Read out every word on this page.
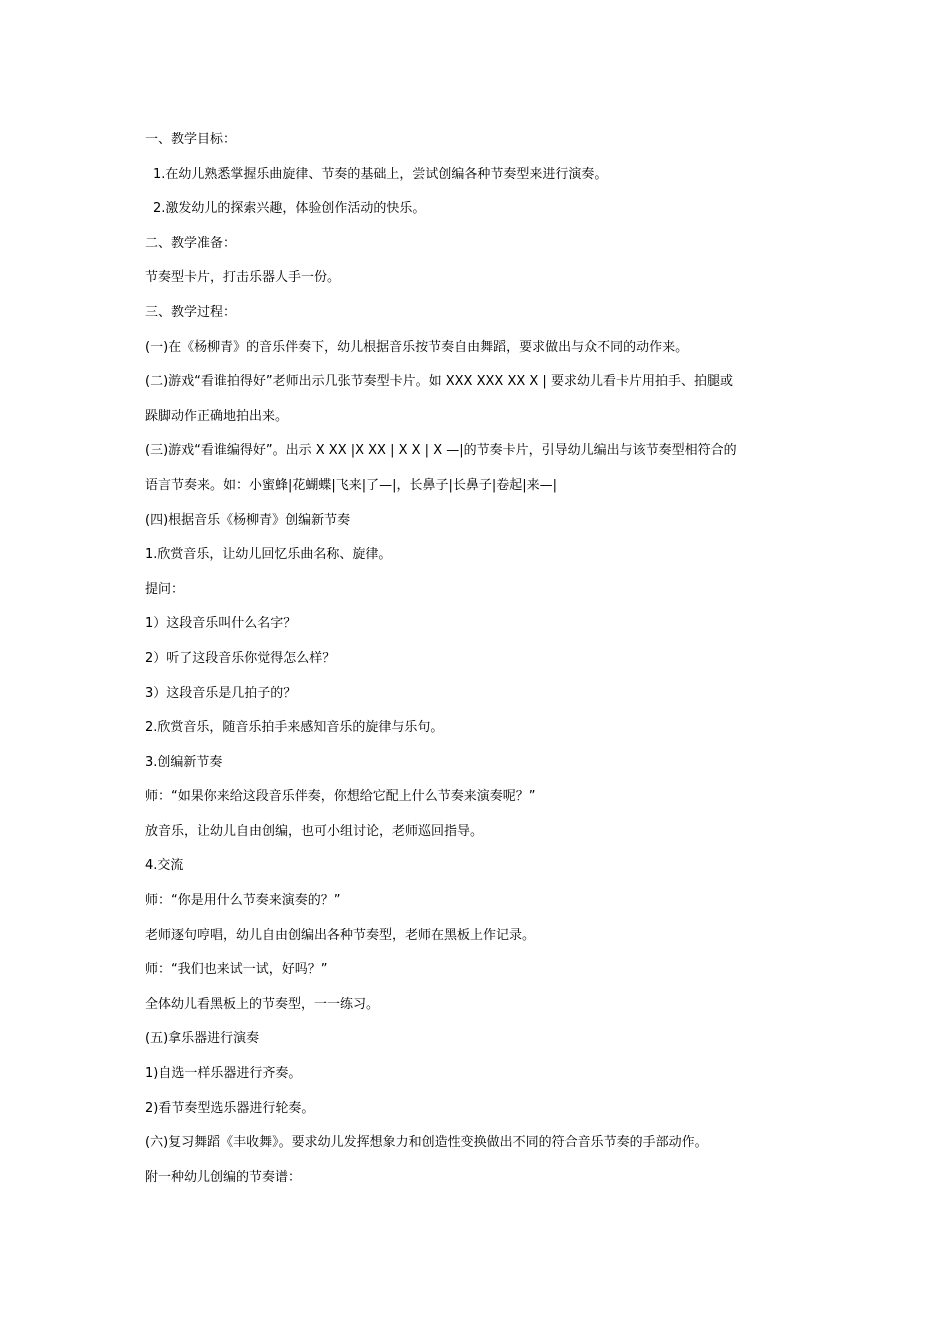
一、教学目标：
1.在幼儿熟悉掌握乐曲旋律、节奏的基础上，尝试创编各种节奏型来进行演奏。
2.激发幼儿的探索兴趣，体验创作活动的快乐。
二、教学准备：
节奏型卡片，打击乐器人手一份。
三、教学过程：
(一)在《杨柳青》的音乐伴奏下，幼儿根据音乐按节奏自由舞蹈，要求做出与众不同的动作来。
(二)游戏“看谁拍得好”老师出示几张节奏型卡片。如 XXX XXX XX X | 要求幼儿看卡片用拍手、拍腿或
跺脚动作正确地拍出来。
(三)游戏“看谁编得好”。出示 X XX |X XX | X X | X —|的节奏卡片，引导幼儿编出与该节奏型相符合的
语言节奏来。如：小蜜蜂|花蝴蝶|飞来|了—|，长鼻子|长鼻子|卷起|来—|
(四)根据音乐《杨柳青》创编新节奏
1.欣赏音乐，让幼儿回忆乐曲名称、旋律。
提问：
1）这段音乐叫什么名字？
2）听了这段音乐你觉得怎么样？
3）这段音乐是几拍子的？
2.欣赏音乐，随音乐拍手来感知音乐的旋律与乐句。
3.创编新节奏
师：“如果你来给这段音乐伴奏，你想给它配上什么节奏来演奏呢？”
放音乐，让幼儿自由创编，也可小组讨论，老师巡回指导。
4.交流
师：“你是用什么节奏来演奏的？”
老师逐句哼唱，幼儿自由创编出各种节奏型，老师在黑板上作记录。
师：“我们也来试一试，好吗？”
全体幼儿看黑板上的节奏型，一一练习。
(五)拿乐器进行演奏
1)自选一样乐器进行齐奏。
2)看节奏型选乐器进行轮奏。
(六)复习舞蹈《丰收舞》。要求幼儿发挥想象力和创造性变换做出不同的符合音乐节奏的手部动作。
附一种幼儿创编的节奏谱：
